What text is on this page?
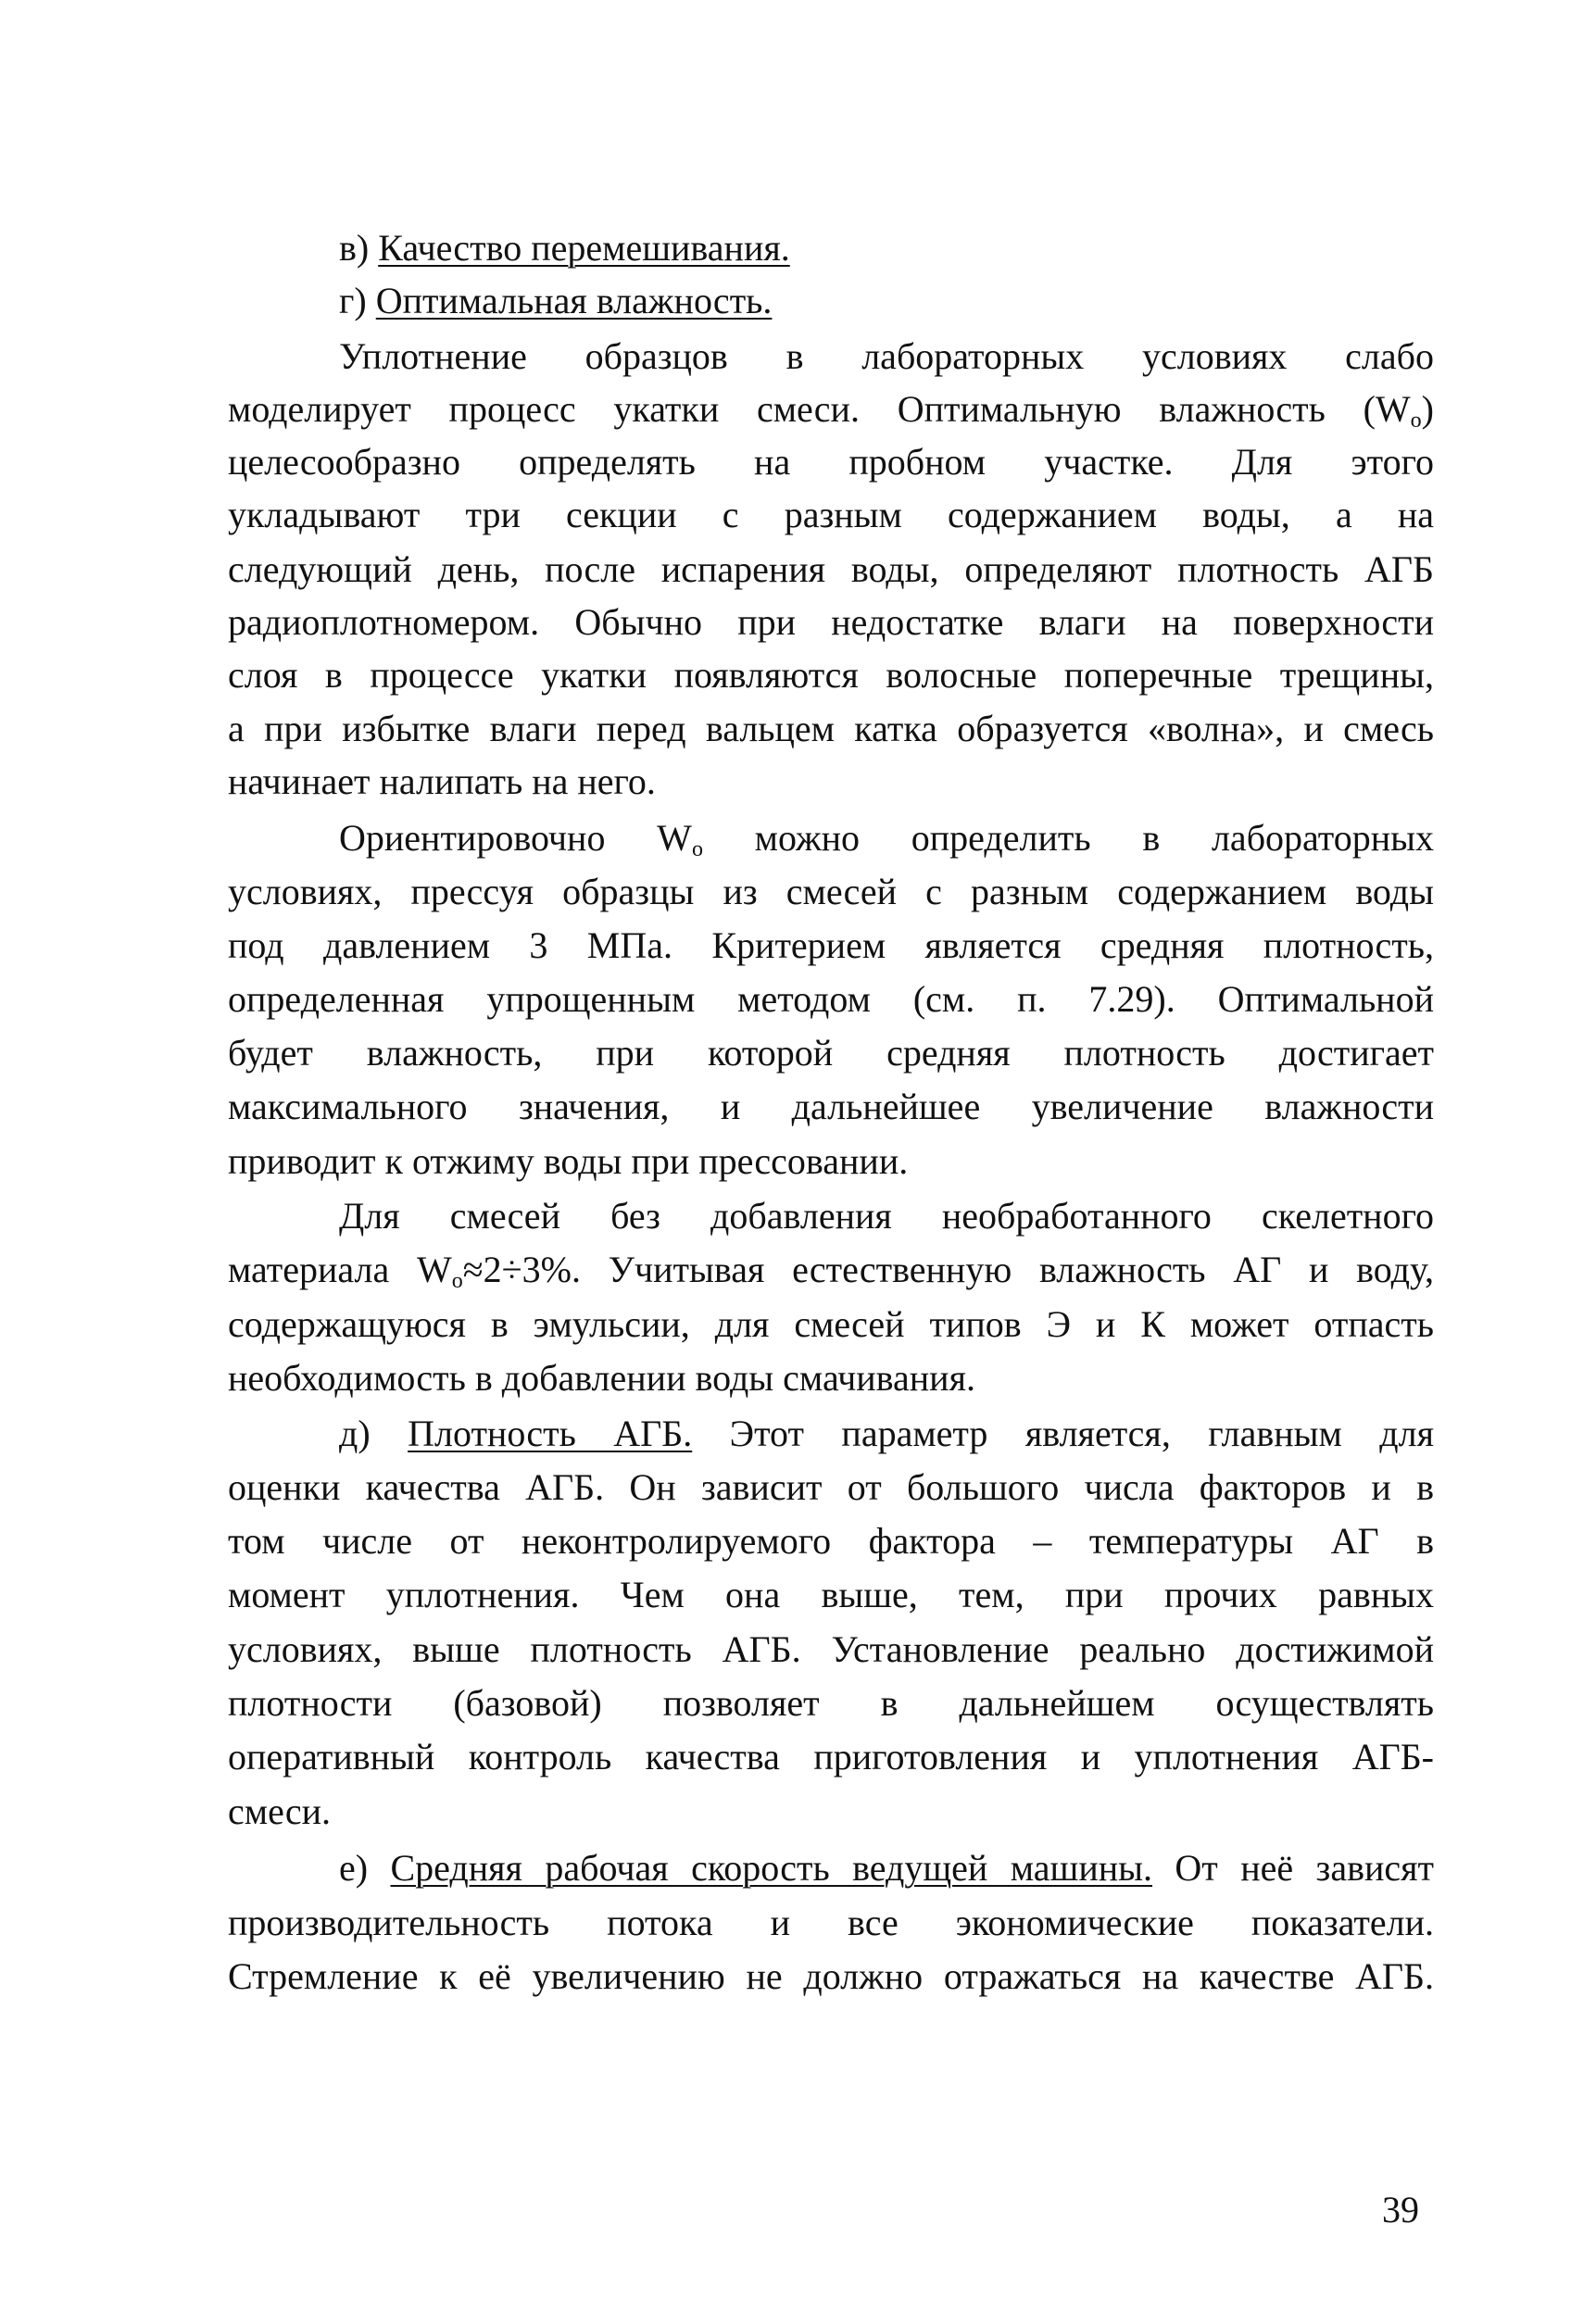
в) Качество перемешивания.
г) Оптимальная влажность.
Уплотнение образцов в лабораторных условиях слабо
моделирует процесс укатки смеси. Оптимальную влажность $(W_о)$
целесообразно определять на пробном участке. Для этого
укладывают три секции с разным содержанием воды, а на
следующий день, после испарения воды, определяют плотность АГБ
радиоплотномером. Обычно при недостатке влаги на поверхности
слоя в процессе укатки появляются волосные поперечные трещины,
а при избытке влаги перед вальцем катка образуется «волна», и смесь
начинает налипать на него.
Ориентировочно $W_о$ можно определить в лабораторных
условиях, прессуя образцы из смесей с разным содержанием воды
под давлением 3 МПа. Критерием является средняя плотность,
определенная упрощенным методом (см. п. 7.29). Оптимальной
будет влажность, при которой средняя плотность достигает
максимального значения, и дальнейшее увеличение влажности
приводит к отжиму воды при прессовании.
Для смесей без добавления необработанного скелетного
материала $W_о\approx 2\div 3\%$. Учитывая естественную влажность АГ и воду,
содержащуюся в эмульсии, для смесей типов Э и К может отпасть
необходимость в добавлении воды смачивания.
д) Плотность АГБ. Этот параметр является, главным для
оценки качества АГБ. Он зависит от большого числа факторов и в
том числе от неконтролируемого фактора – температуры АГ в
момент уплотнения. Чем она выше, тем, при прочих равных
условиях, выше плотность АГБ. Установление реально достижимой
плотности (базовой) позволяет в дальнейшем осуществлять
оперативный контроль качества приготовления и уплотнения АГБ-
смеси.
е) Средняя рабочая скорость ведущей машины. От неё зависят
производительность потока и все экономические показатели.
Стремление к её увеличению не должно отражаться на качестве АГБ.
39
